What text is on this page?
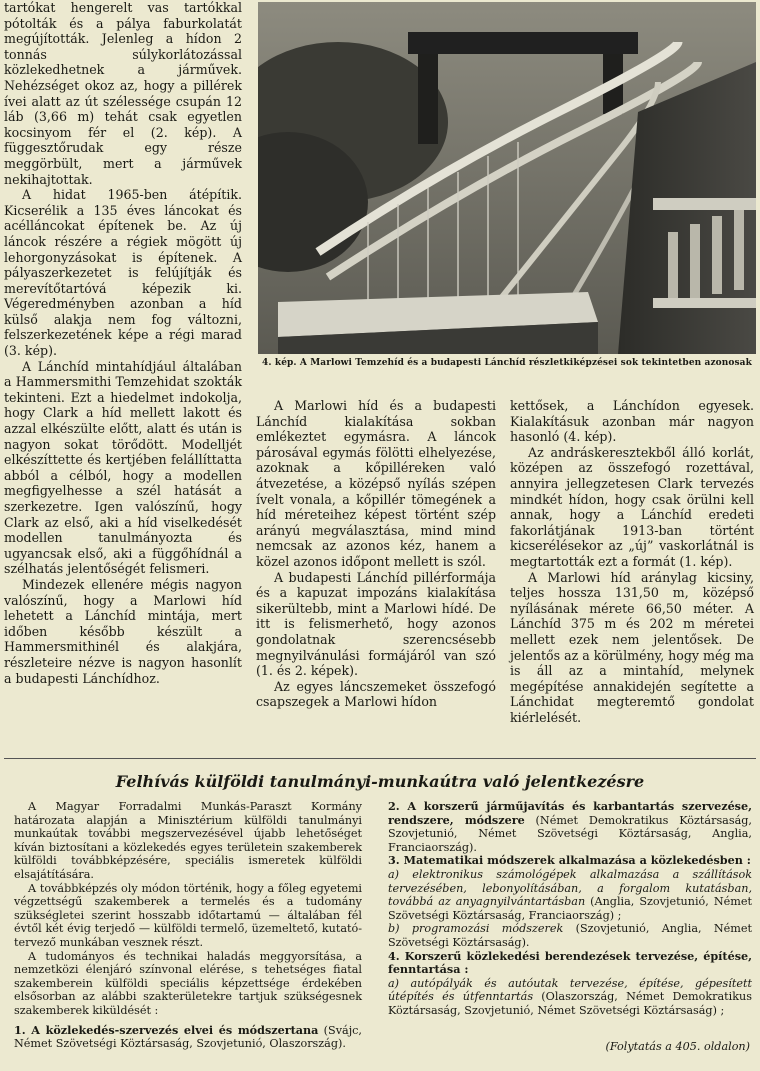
tartókat hengerelt vas tartókkal pótolták és a pálya faburkolatát megújították. Jelenleg a hídon 2 tonnás súlykorlátozással közlekedhetnek a járművek. Nehézséget okoz az, hogy a pillérek ívei alatt az út szélessége csupán 12 láb (3,66 m) tehát csak egyetlen kocsinyom fér el (2. kép). A függesztőrudak egy része meggörbült, mert a járművek nekihajtottak.

A hidat 1965-ben átépítik. Kicserélik a 135 éves láncokat és acélláncokat építenek be. Az új láncok részére a régiek mögött új lehorgonyzásokat is építenek. A pályaszerkezetet is felújítják és merevítőtartóvá képezik ki. Végeredményben azonban a híd külső alakja nem fog változni, felszerkezetének képe a régi marad (3. kép).

A Lánchíd mintahídjául általában a Hammersmithi Temzehidat szokták tekinteni. Ezt a hiedelmet indokolja, hogy Clark a híd mellett lakott és azzal elkészülte előtt, alatt és után is nagyon sokat törődött. Modelljét elkészíttette és kertjében felállíttatta abból a célból, hogy a modellen megfigyelhesse a szél hatását a szerkezetre. Igen valószínű, hogy Clark az első, aki a híd viselkedését modellen tanulmányozta és ugyancsak első, aki a függőhídnál a szélhatás jelentőségét felismeri.

Mindezek ellenére mégis nagyon valószínű, hogy a Marlowi híd lehetett a Lánchíd mintája, mert időben később készült a Hammersmithinél és alakjára, részleteire nézve is nagyon hasonlít a budapesti Lánchídhoz.

4. kép. A Marlowi Temzehíd és a budapesti Lánchíd részletkiképzései sok tekintetben azonosak

A Marlowi híd és a budapesti Lánchíd kialakítása sokban emlékeztet egymásra. A láncok párosával egymás fölötti elhelyezése, azoknak a kőpilléreken való átvezetése, a középső nyílás szépen ívelt vonala, a kőpillér tömegének a híd méreteihez képest történt szép arányú megválasztása, mind mind nemcsak az azonos kéz, hanem a közel azonos időpont mellett is szól.

A budapesti Lánchíd pillérformája és a kapuzat impozáns kialakítása sikerültebb, mint a Marlowi hídé. De itt is felismerhető, hogy azonos gondolatnak szerencsésebb megnyilvánulási formájáról van szó (1. és 2. képek).

Az egyes láncszemeket összefogó csapszegek a Marlowi hídon

kettősek, a Lánchídon egyesek. Kialakításuk azonban már nagyon hasonló (4. kép).

Az andráskeresztekből álló korlát, középen az összefogó rozettával, annyira jellegzetesen Clark tervezés mindkét hídon, hogy csak örülni kell annak, hogy a Lánchíd eredeti fakorlátjának 1913-ban történt kicserélésekor az „új” vaskorlátnál is megtartották ezt a formát (1. kép).

A Marlowi híd aránylag kicsiny, teljes hossza 131,50 m, középső nyílásának mérete 66,50 méter. A Lánchíd 375 m és 202 m méretei mellett ezek nem jelentősek. De jelentős az a körülmény, hogy még ma is áll az a mintahíd, melynek megépítése annakidején segítette a Lánchidat megteremtő gondolat kiérlelését.

Felhívás külföldi tanulmányi-munkaútra való jelentkezésre

A Magyar Forradalmi Munkás-Paraszt Kormány határozata alapján a Minisztérium külföldi tanulmányi munkaútak további megszervezésével újabb lehetőséget kíván biztosítani a közlekedés egyes területein szakemberek külföldi továbbképzésére, speciális ismeretek külföldi elsajátítására.

A továbbképzés oly módon történik, hogy a főleg egyetemi végzettségű szakemberek a termelés és a tudomány szükségletei szerint hosszabb időtartamú — általában fél évtől két évig terjedő — külföldi termelő, üzemeltető, kutató-tervező munkában vesznek részt.

A tudományos és technikai haladás meggyorsítása, a nemzetközi élenjáró színvonal elérése, s tehetséges fiatal szakemberein külföldi speciális képzettsége érdekében elsősorban az alábbi szakterületekre tartjuk szükségesnek szakemberek kiküldését :

1. A közlekedés-szervezés elvei és módszertana (Svájc, Német Szövetségi Köztársaság, Szovjetunió, Olaszország).

2. A korszerű járműjavítás és karbantartás szervezése, rendszere, módszere (Német Demokratikus Köztársaság, Szovjetunió, Német Szövetségi Köztársaság, Anglia, Franciaország).

3. Matematikai módszerek alkalmazása a közlekedésben :

a) elektronikus számológépek alkalmazása a szállítások tervezésében, lebonyolításában, a forgalom kutatásban, továbbá az anyagnyilvántartásban (Anglia, Szovjetunió, Német Szövetségi Köztársaság, Franciaország) ;

b) programozási módszerek (Szovjetunió, Anglia, Német Szövetségi Köztársaság).

4. Korszerű közlekedési berendezések tervezése, építése, fenntartása :

a) autópályák és autóutak tervezése, építése, gépesített útépítés és útfenntartás (Olaszország, Német Demokratikus Köztársaság, Szovjetunió, Német Szövetségi Köztársaság) ;

(Folytatás a 405. oldalon)
